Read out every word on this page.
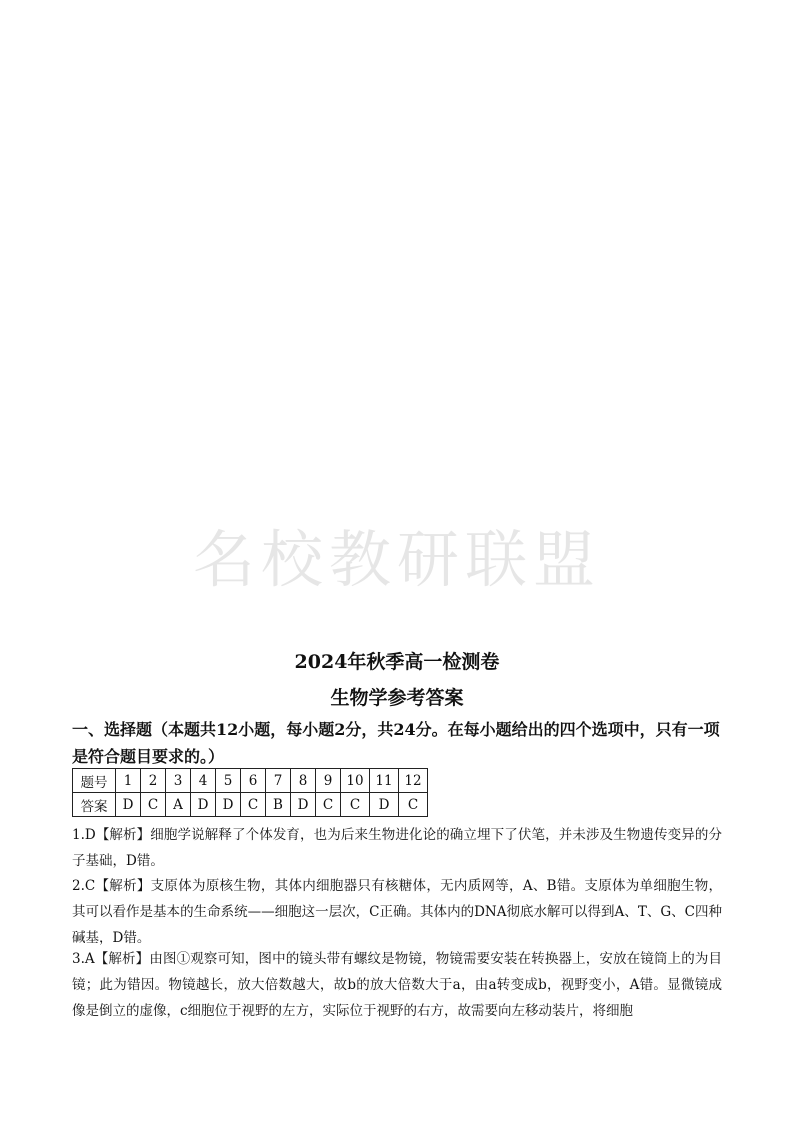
名校教研联盟
2024年秋季高一检测卷
生物学参考答案
一、选择题（本题共12小题，每小题2分，共24分。在每小题给出的四个选项中，只有一项是符合题目要求的。）
题号	1	2	3	4	5	6	7	8	9	10	11	12
答案	D	C	A	D	D	C	B	D	C	C	D	C
1.D【解析】细胞学说解释了个体发育，也为后来生物进化论的确立埋下了伏笔，并未涉及生物遗传变异的分子基础，D错。
2.C【解析】支原体为原核生物，其体内细胞器只有核糖体，无内质网等，A、B错。支原体为单细胞生物，其可以看作是基本的生命系统——细胞这一层次，C正确。其体内的DNA彻底水解可以得到A、T、G、C四种碱基，D错。
3.A【解析】由图①观察可知，图中的镜头带有螺纹是物镜，物镜需要安装在转换器上，安放在镜筒上的为目镜；此为错因。物镜越长，放大倍数越大，故b的放大倍数大于a，由a转变成b，视野变小，A错。显微镜成像是倒立的虚像，c细胞位于视野的左方，实际位于视野的右方，故需要向左移动装片，将细胞
